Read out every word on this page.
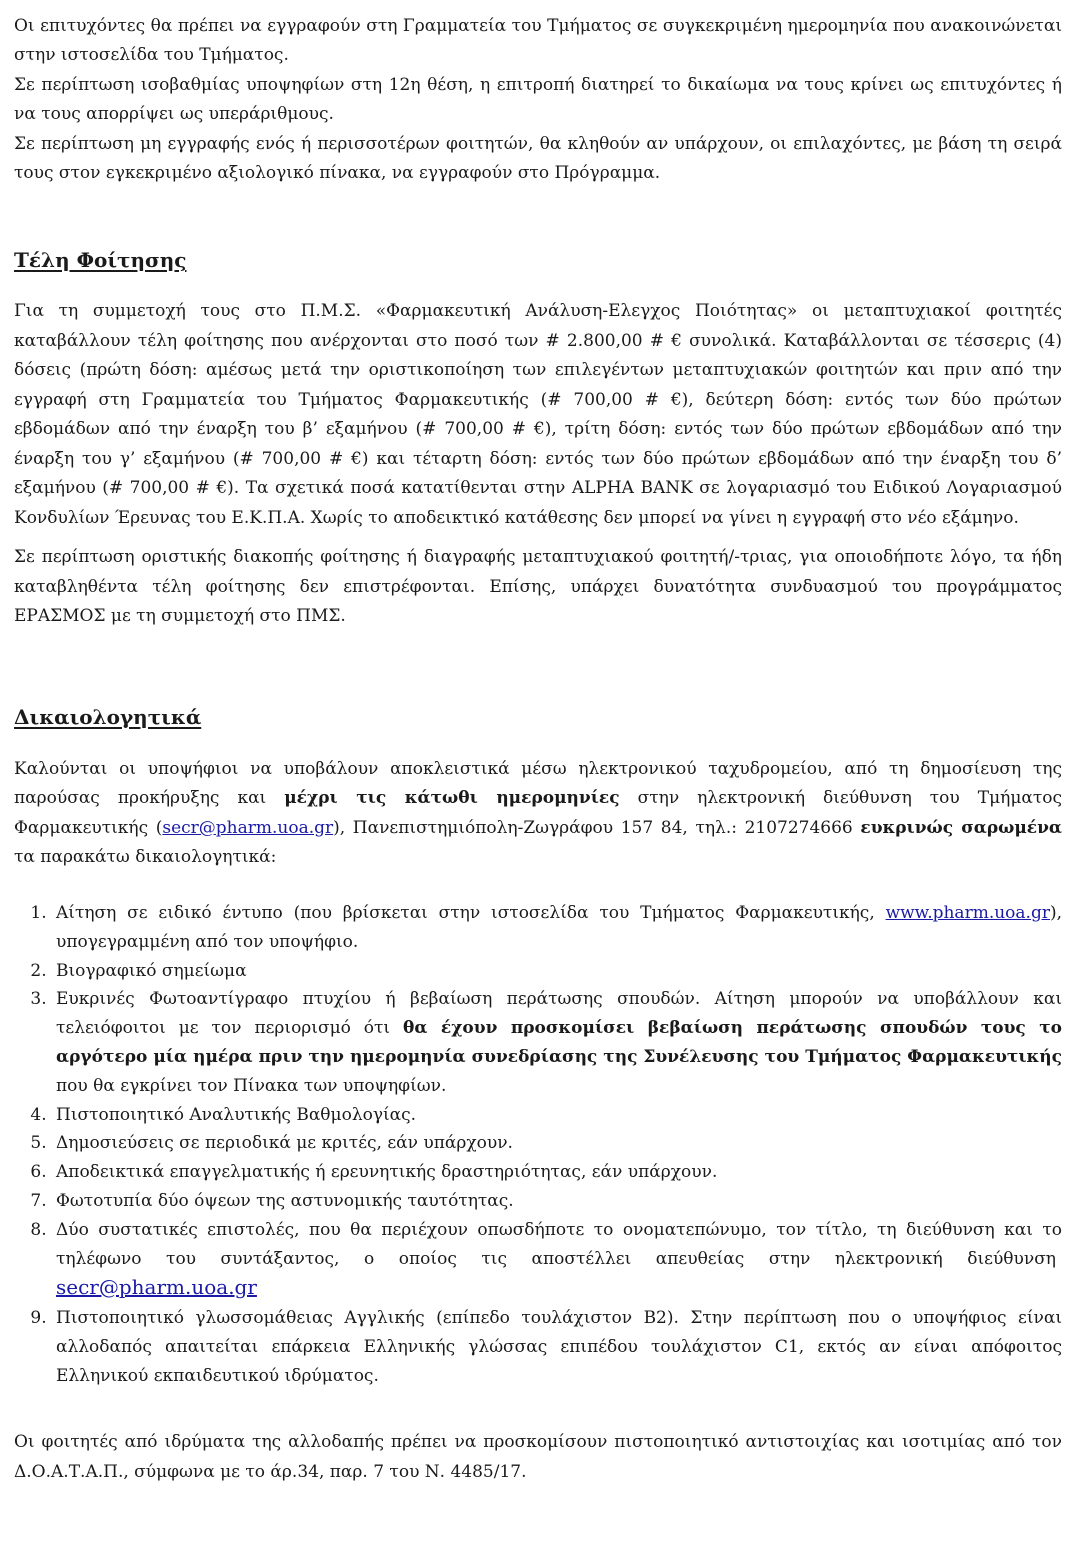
Οι επιτυχόντες θα πρέπει να εγγραφούν στη Γραμματεία του Τμήματος σε συγκεκριμένη ημερομηνία που ανακοινώνεται στην ιστοσελίδα του Τμήματος.

Σε περίπτωση ισοβαθμίας υποψηφίων στη 12η θέση, η επιτροπή διατηρεί το δικαίωμα να τους κρίνει ως επιτυχόντες ή να τους απορρίψει ως υπεράριθμους.

Σε περίπτωση μη εγγραφής ενός ή περισσοτέρων φοιτητών, θα κληθούν αν υπάρχουν, οι επιλαχόντες, με βάση τη σειρά τους στον εγκεκριμένο αξιολογικό πίνακα, να εγγραφούν στο Πρόγραμμα.

Τέλη Φοίτησης

Για τη συμμετοχή τους στο Π.Μ.Σ. «Φαρμακευτική Ανάλυση-Ελεγχος Ποιότητας» οι μεταπτυχιακοί φοιτητές καταβάλλουν τέλη φοίτησης που ανέρχονται στο ποσό των # 2.800,00 # € συνολικά. Καταβάλλονται σε τέσσερις (4) δόσεις (πρώτη δόση: αμέσως μετά την οριστικοποίηση των επιλεγέντων μεταπτυχιακών φοιτητών και πριν από την εγγραφή στη Γραμματεία του Τμήματος Φαρμακευτικής (# 700,00 # €), δεύτερη δόση: εντός των δύο πρώτων εβδομάδων από την έναρξη του β’ εξαμήνου (# 700,00 # €), τρίτη δόση: εντός των δύο πρώτων εβδομάδων από την έναρξη του γ’ εξαμήνου (# 700,00 # €) και τέταρτη δόση: εντός των δύο πρώτων εβδομάδων από την έναρξη του δ’ εξαμήνου (# 700,00 # €). Τα σχετικά ποσά κατατίθενται στην ALPHA BANK σε λογαριασμό του Ειδικού Λογαριασμού Κονδυλίων Έρευνας του Ε.Κ.Π.Α. Χωρίς το αποδεικτικό κατάθεσης δεν μπορεί να γίνει η εγγραφή στο νέο εξάμηνο.

Σε περίπτωση οριστικής διακοπής φοίτησης ή διαγραφής μεταπτυχιακού φοιτητή/-τριας, για οποιοδήποτε λόγο, τα ήδη καταβληθέντα τέλη φοίτησης δεν επιστρέφονται. Επίσης, υπάρχει δυνατότητα συνδυασμού του προγράμματος ΕΡΑΣΜΟΣ με τη συμμετοχή στο ΠΜΣ.

Δικαιολογητικά

Καλούνται οι υποψήφιοι να υποβάλουν αποκλειστικά μέσω ηλεκτρονικού ταχυδρομείου, από τη δημοσίευση της παρούσας προκήρυξης και μέχρι τις κάτωθι ημερομηνίες στην ηλεκτρονική διεύθυνση του Τμήματος Φαρμακευτικής (secr@pharm.uoa.gr), Πανεπιστημιόπολη-Ζωγράφου 157 84, τηλ.: 2107274666 ευκρινώς σαρωμένα τα παρακάτω δικαιολογητικά:

1. Αίτηση σε ειδικό έντυπο (που βρίσκεται στην ιστοσελίδα του Τμήματος Φαρμακευτικής, www.pharm.uoa.gr), υπογεγραμμένη από τον υποψήφιο.
2. Βιογραφικό σημείωμα
3. Ευκρινές Φωτοαντίγραφο πτυχίου ή βεβαίωση περάτωσης σπουδών. Αίτηση μπορούν να υποβάλλουν και τελειόφοιτοι με τον περιορισμό ότι θα έχουν προσκομίσει βεβαίωση περάτωσης σπουδών τους το αργότερο μία ημέρα πριν την ημερομηνία συνεδρίασης της Συνέλευσης του Τμήματος Φαρμακευτικής που θα εγκρίνει τον Πίνακα των υποψηφίων.
4. Πιστοποιητικό Αναλυτικής Βαθμολογίας.
5. Δημοσιεύσεις σε περιοδικά με κριτές, εάν υπάρχουν.
6. Αποδεικτικά επαγγελματικής ή ερευνητικής δραστηριότητας, εάν υπάρχουν.
7. Φωτοτυπία δύο όψεων της αστυνομικής ταυτότητας.
8. Δύο συστατικές επιστολές, που θα περιέχουν οπωσδήποτε το ονοματεπώνυμο, τον τίτλο, τη διεύθυνση και το τηλέφωνο του συντάξαντος, ο οποίος τις αποστέλλει απευθείας στην ηλεκτρονική διεύθυνση secr@pharm.uoa.gr
9. Πιστοποιητικό γλωσσομάθειας Αγγλικής (επίπεδο τουλάχιστον Β2). Στην περίπτωση που ο υποψήφιος είναι αλλοδαπός απαιτείται επάρκεια Ελληνικής γλώσσας επιπέδου τουλάχιστον C1, εκτός αν είναι απόφοιτος Ελληνικού εκπαιδευτικού ιδρύματος.

Οι φοιτητές από ιδρύματα της αλλοδαπής πρέπει να προσκομίσουν πιστοποιητικό αντιστοιχίας και ισοτιμίας από τον Δ.Ο.Α.Τ.Α.Π., σύμφωνα με το άρ.34, παρ. 7 του Ν. 4485/17.
